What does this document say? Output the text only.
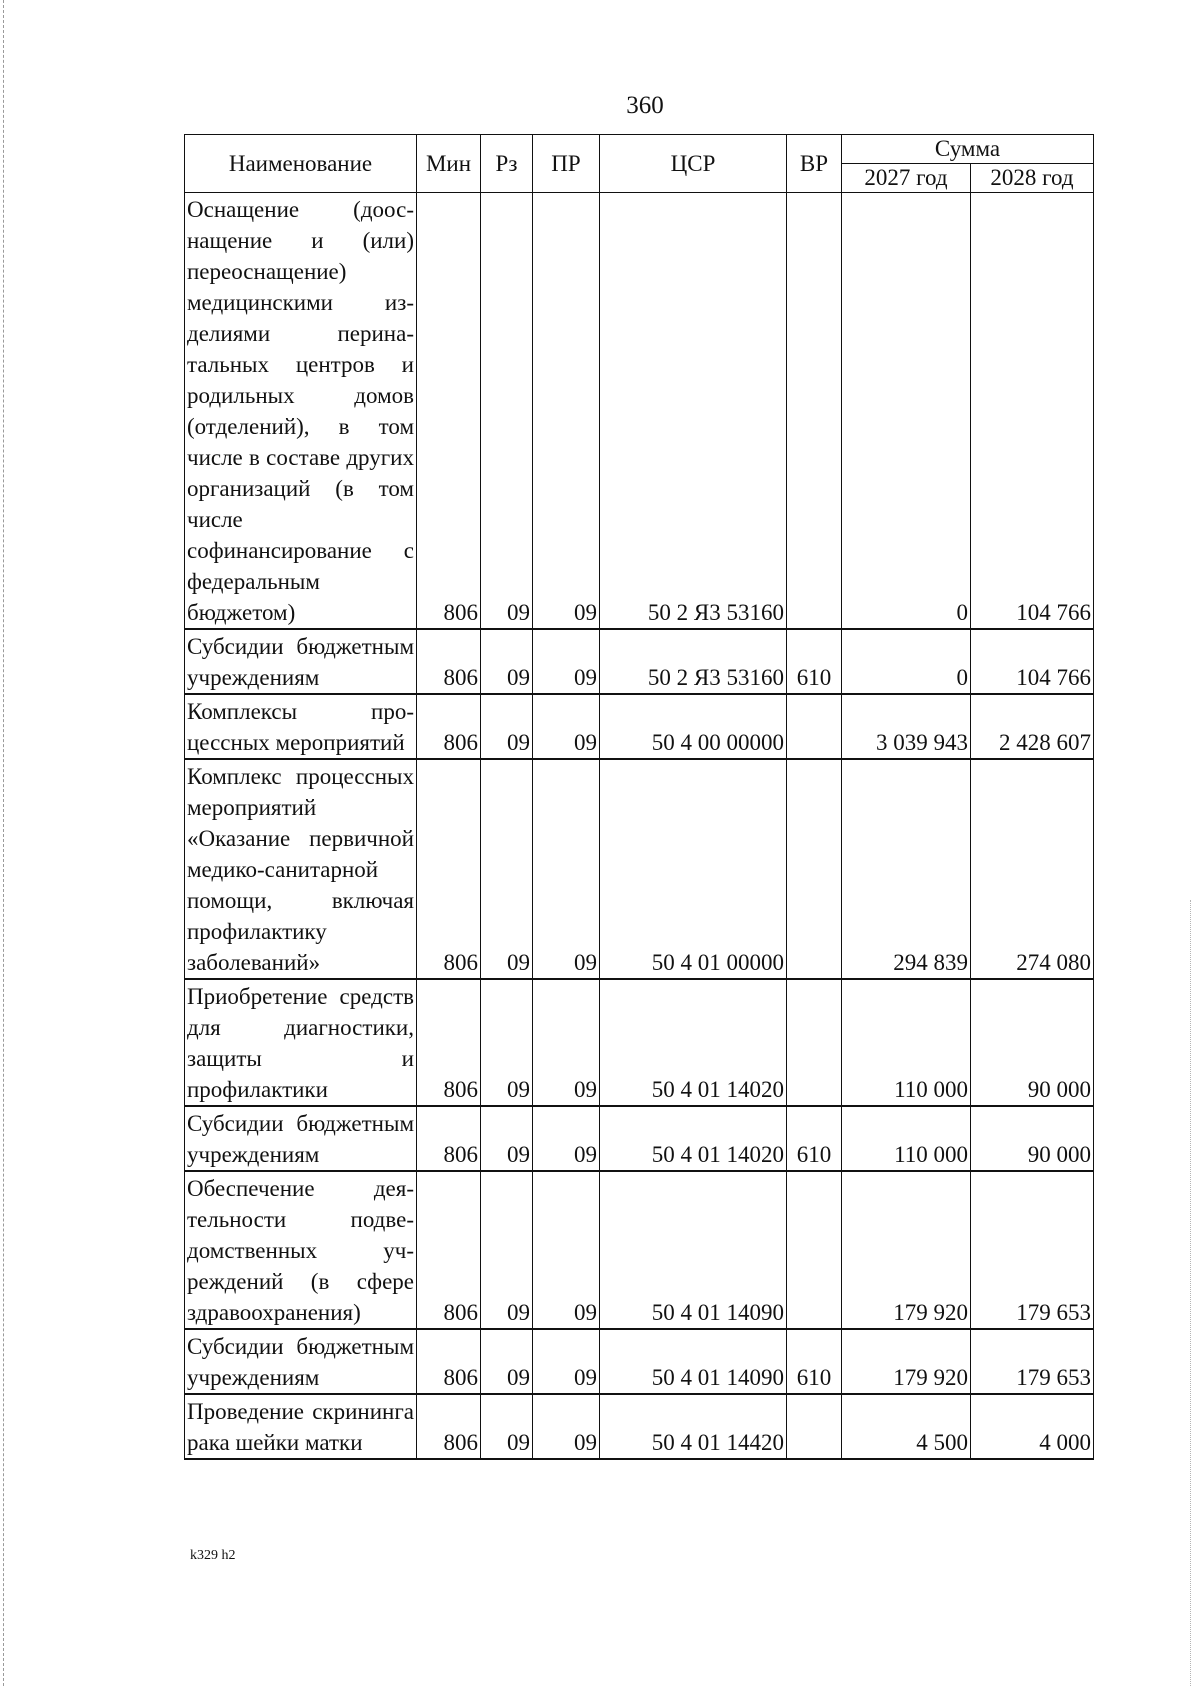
360
Наименование	Мин	Рз	ПР	ЦСР	ВР	Сумма	
						2027 год	2028 год
Оснащение (дооснащение и (или) переоснащение) медицинскими изделиями перинатальных центров и родильных домов (отделений), в том числе в составе других организаций (в том числе софинансирование с федеральным бюджетом)	806	09	09	50 2 Я3 53160		0	104 766
Субсидии бюджетным учреждениям	806	09	09	50 2 Я3 53160	610	0	104 766
Комплексы процессных мероприятий	806	09	09	50 4 00 00000		3 039 943	2 428 607
Комплекс процессных мероприятий «Оказание первичной медико-санитарной помощи, включая профилактику заболеваний»	806	09	09	50 4 01 00000		294 839	274 080
Приобретение средств для диагностики, защиты и профилактики	806	09	09	50 4 01 14020		110 000	90 000
Субсидии бюджетным учреждениям	806	09	09	50 4 01 14020	610	110 000	90 000
Обеспечение деятельности подведомственных учреждений (в сфере здравоохранения)	806	09	09	50 4 01 14090		179 920	179 653
Субсидии бюджетным учреждениям	806	09	09	50 4 01 14090	610	179 920	179 653
Проведение скрининга рака шейки матки	806	09	09	50 4 01 14420		4 500	4 000
k329 h2
